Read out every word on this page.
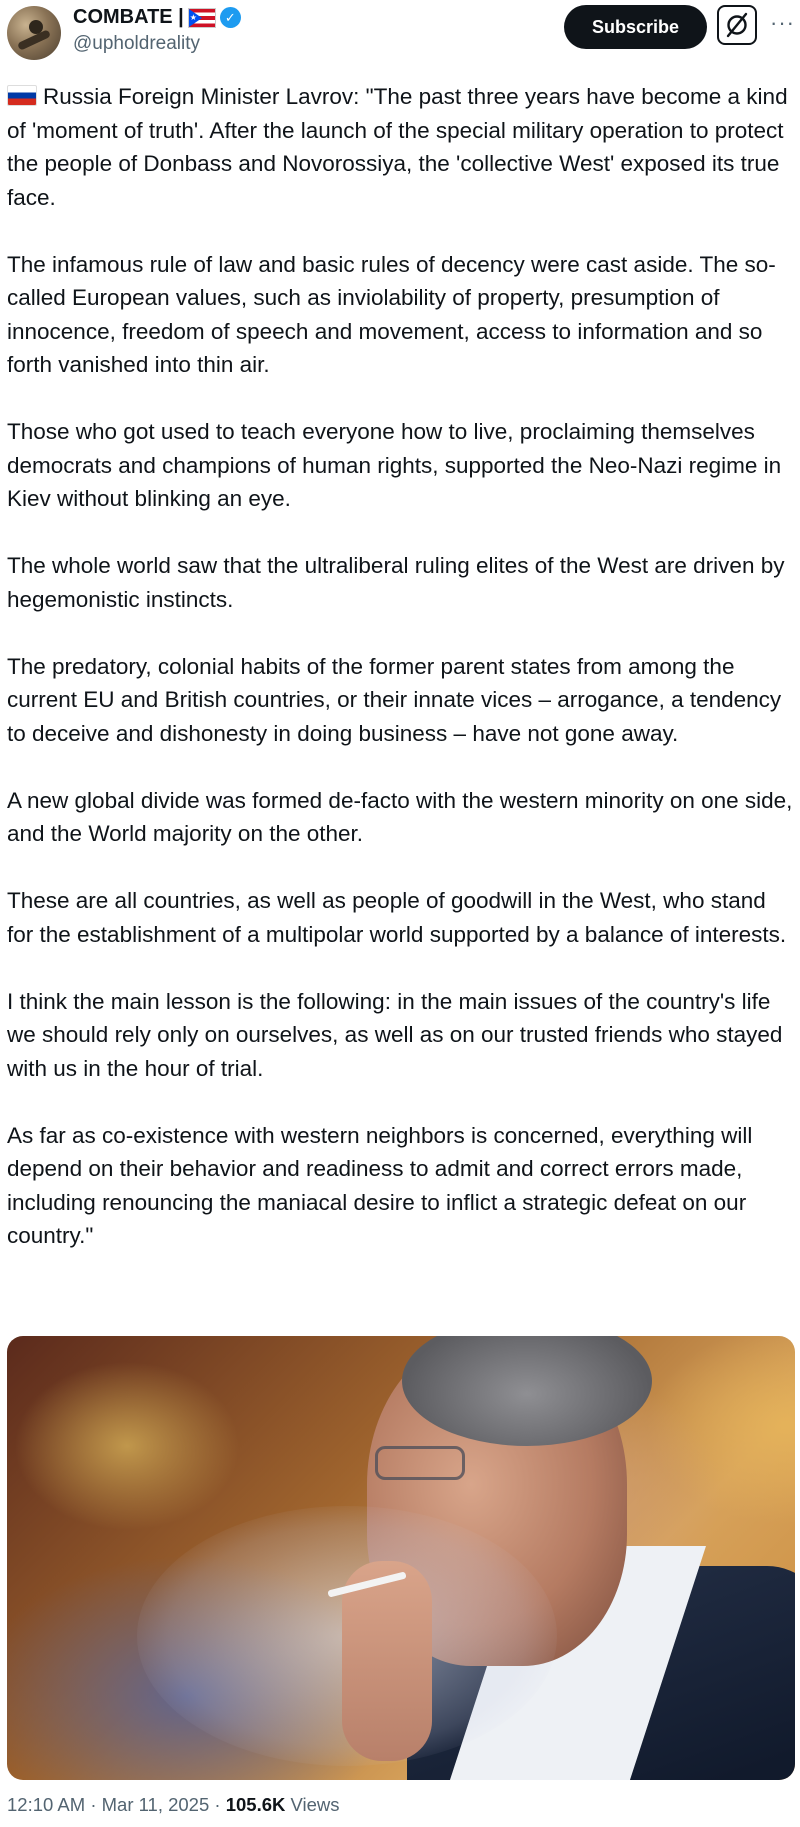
COMBATE |
★	✓
@upholdreality
Subscribe	···

Russia Foreign Minister Lavrov: "The past three years have become a kind of 'moment of truth'. After the launch of the special military operation to protect the people of Donbass and Novorossiya, the 'collective West' exposed its true face.

The infamous rule of law and basic rules of decency were cast aside. The so-called European values, such as inviolability of property, presumption of innocence, freedom of speech and movement, access to information and so forth vanished into thin air.

Those who got used to teach everyone how to live, proclaiming themselves democrats and champions of human rights, supported the Neo-Nazi regime in Kiev without blinking an eye.

The whole world saw that the ultraliberal ruling elites of the West are driven by hegemonistic instincts.

The predatory, colonial habits of the former parent states from among the current EU and British countries, or their innate vices – arrogance, a tendency to deceive and dishonesty in doing business – have not gone away.

A new global divide was formed de-facto with the western minority on one side, and the World majority on the other.

These are all countries, as well as people of goodwill in the West, who stand for the establishment of a multipolar world supported by a balance of interests.

I think the main lesson is the following: in the main issues of the country's life we should rely only on ourselves, as well as on our trusted friends who stayed with us in the hour of trial.

As far as co-existence with western neighbors is concerned, everything will depend on their behavior and readiness to admit and correct errors made, including renouncing the maniacal desire to inflict a strategic defeat on our country."

12:10 AM · Mar 11, 2025 · 105.6K Views
